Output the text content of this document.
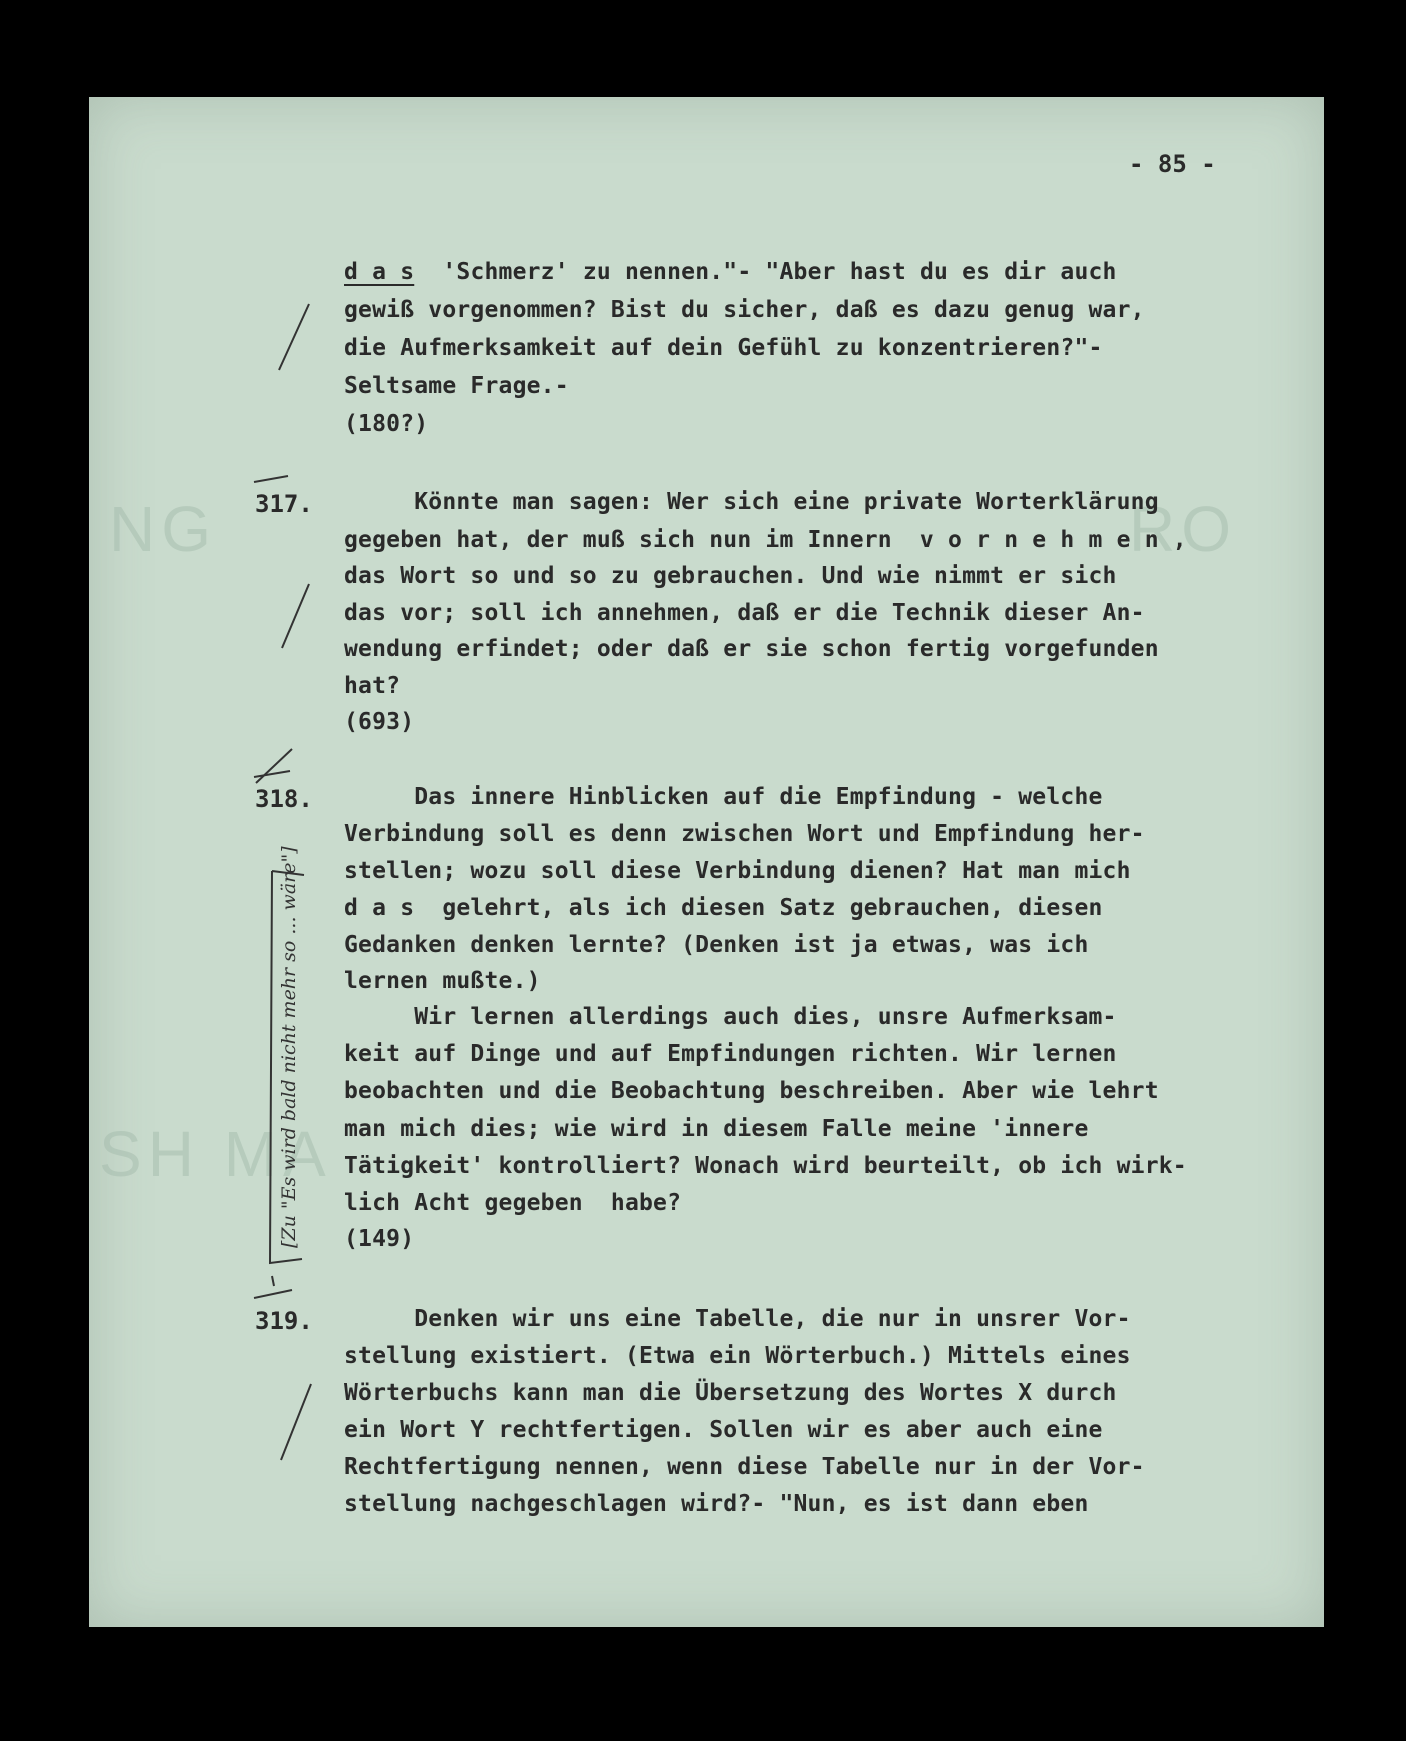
NG	RO
SH MA
- 85 -
d a s  'Schmerz' zu nennen."- "Aber hast du es dir auch
gewiß vorgenommen? Bist du sicher, daß es dazu genug war,
die Aufmerksamkeit auf dein Gefühl zu konzentrieren?"-
Seltsame Frage.-
(180?)
317. Könnte man sagen: Wer sich eine private Worterklärung
gegeben hat, der muß sich nun im Innern  v o r n e h m e n ,
das Wort so und so zu gebrauchen. Und wie nimmt er sich
das vor; soll ich annehmen, daß er die Technik dieser An-
wendung erfindet; oder daß er sie schon fertig vorgefunden
hat?
(693)
318. Das innere Hinblicken auf die Empfindung - welche
Verbindung soll es denn zwischen Wort und Empfindung her-
stellen; wozu soll diese Verbindung dienen? Hat man mich
d a s  gelehrt, als ich diesen Satz gebrauchen, diesen
Gedanken denken lernte? (Denken ist ja etwas, was ich
lernen mußte.)
Wir lernen allerdings auch dies, unsre Aufmerksam-
keit auf Dinge und auf Empfindungen richten. Wir lernen
beobachten und die Beobachtung beschreiben. Aber wie lehrt
man mich dies; wie wird in diesem Falle meine 'innere
Tätigkeit' kontrolliert? Wonach wird beurteilt, ob ich wirk-
lich Acht gegeben  habe?
(149)
319. Denken wir uns eine Tabelle, die nur in unsrer Vor-
stellung existiert. (Etwa ein Wörterbuch.) Mittels eines
Wörterbuchs kann man die Übersetzung des Wortes X durch
ein Wort Y rechtfertigen. Sollen wir es aber auch eine
Rechtfertigung nennen, wenn diese Tabelle nur in der Vor-
stellung nachgeschlagen wird?- "Nun, es ist dann eben
[Zu "Es wird bald nicht mehr so ... wäre"]
